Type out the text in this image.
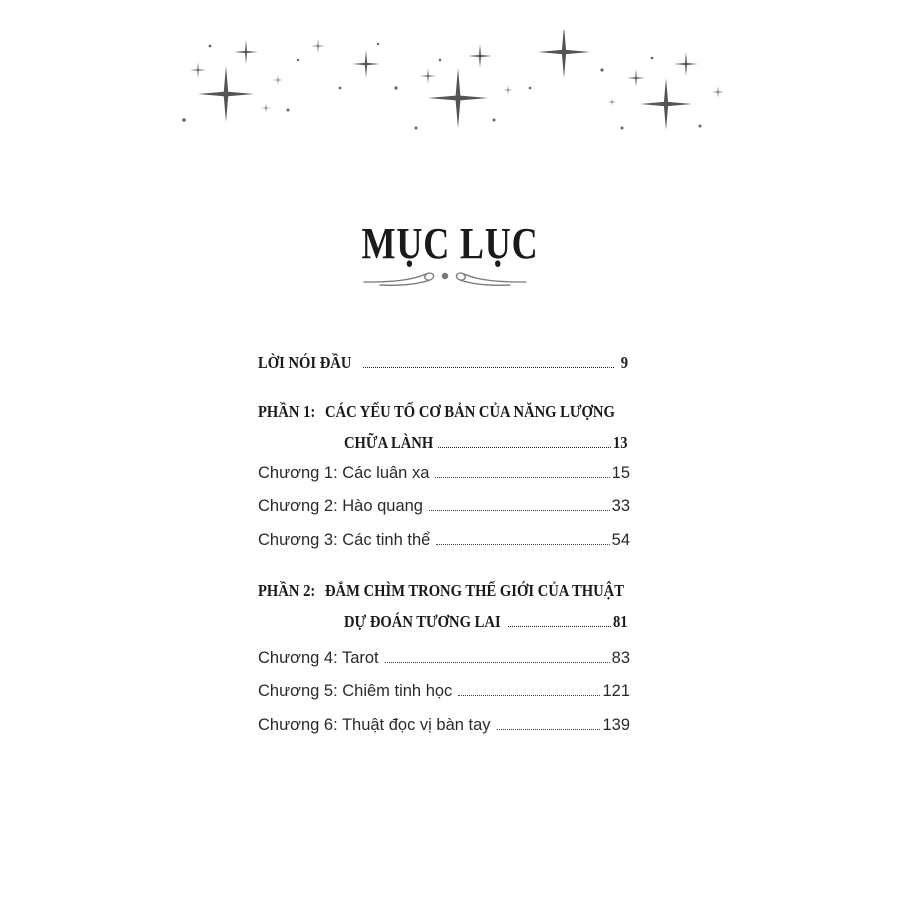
MỤC LỤC
LỜI NÓI ĐẦU	9
PHẦN 1: CÁC YẾU TỐ CƠ BẢN CỦA NĂNG LƯỢNG
CHỮA LÀNH	13
Chương 1: Các luân xa	15
Chương 2: Hào quang	33
Chương 3: Các tinh thể	54
PHẦN 2: ĐẮM CHÌM TRONG THẾ GIỚI CỦA THUẬT
DỰ ĐOÁN TƯƠNG LAI	81
Chương 4: Tarot	83
Chương 5: Chiêm tinh học	121
Chương 6: Thuật đọc vị bàn tay	139
